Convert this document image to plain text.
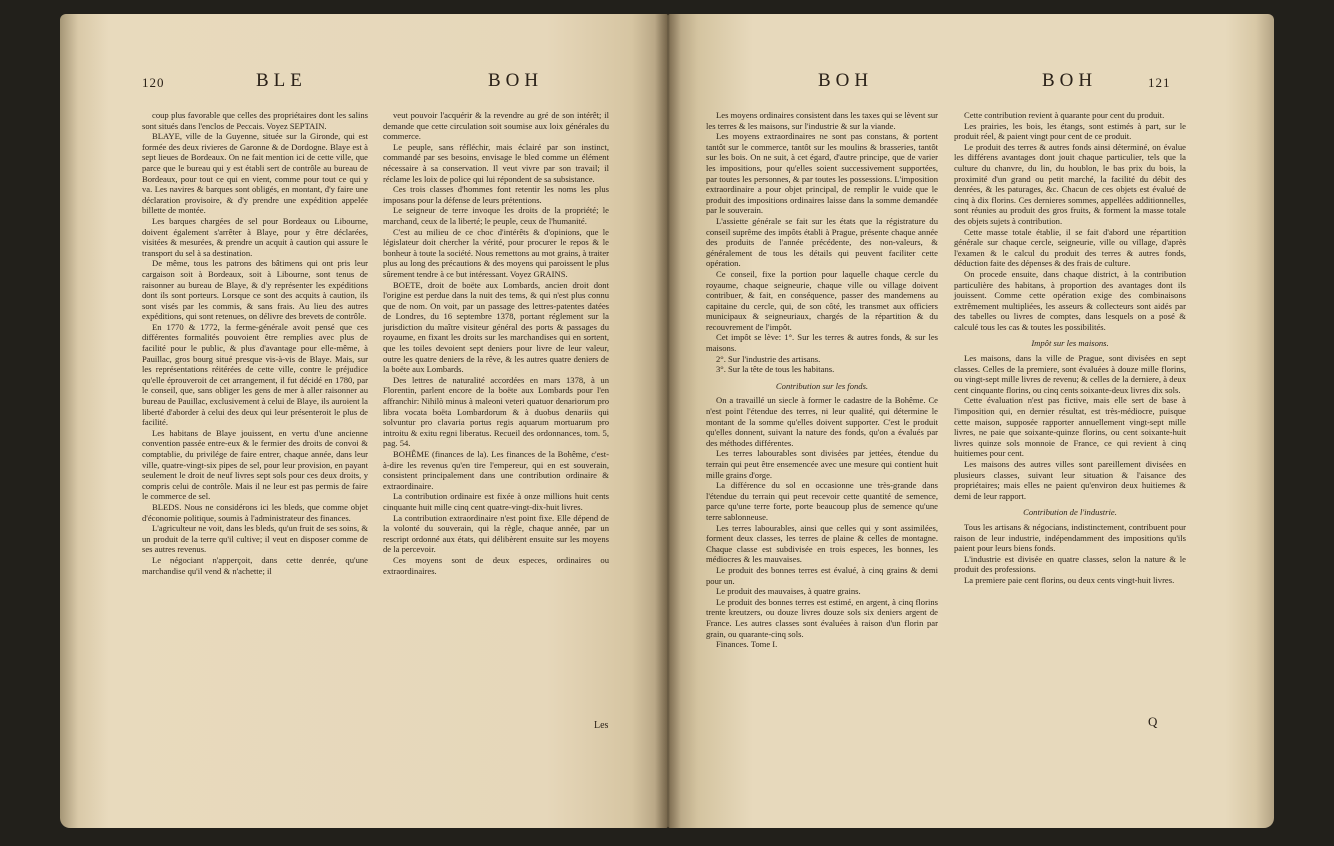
120	BLE	BOH

coup plus favorable que celles des propriétaires dont les salins sont situés dans l'enclos de Peccais. Voyez SEPTAIN.

BLAYE, ville de la Guyenne, située sur la Gironde, qui est formée des deux rivieres de Garonne & de Dordogne. Blaye est à sept lieues de Bordeaux. On ne fait mention ici de cette ville, que parce que le bureau qui y est établi sert de contrôle au bureau de Bordeaux, pour tout ce qui en vient, comme pour tout ce qui y va. Les navires & barques sont obligés, en montant, d'y faire une déclaration provisoire, & d'y prendre une expédition appelée billette de montée.

Les barques chargées de sel pour Bordeaux ou Libourne, doivent également s'arrêter à Blaye, pour y être déclarées, visitées & mesurées, & prendre un acquit à caution qui assure le transport du sel à sa destination.

De même, tous les patrons des bâtimens qui ont pris leur cargaison soit à Bordeaux, soit à Libourne, sont tenus de raisonner au bureau de Blaye, & d'y représenter les expéditions dont ils sont porteurs. Lorsque ce sont des acquits à caution, ils sont visés par les commis, & sans frais. Au lieu des autres expéditions, qui sont retenues, on délivre des brevets de contrôle.

En 1770 & 1772, la ferme-générale avoit pensé que ces différentes formalités pouvoient être remplies avec plus de facilité pour le public, & plus d'avantage pour elle-même, à Pauillac, gros bourg situé presque vis-à-vis de Blaye. Mais, sur les représentations réitérées de cette ville, contre le préjudice qu'elle éprouveroit de cet arrangement, il fut décidé en 1780, par le conseil, que, sans obliger les gens de mer à aller raisonner au bureau de Pauillac, exclusivement à celui de Blaye, ils auroient la liberté d'aborder à celui des deux qui leur présenteroit le plus de facilité.

Les habitans de Blaye jouissent, en vertu d'une ancienne convention passée entre-eux & le fermier des droits de convoi & comptablie, du privilége de faire entrer, chaque année, dans leur ville, quatre-vingt-six pipes de sel, pour leur provision, en payant seulement le droit de neuf livres sept sols pour ces deux droits, y compris celui de contrôle. Mais il ne leur est pas permis de faire le commerce de sel.

BLEDS. Nous ne considérons ici les bleds, que comme objet d'économie politique, soumis à l'administrateur des finances.

L'agriculteur ne voit, dans les bleds, qu'un fruit de ses soins, & un produit de la terre qu'il cultive; il veut en disposer comme de ses autres revenus.

Le négociant n'apperçoit, dans cette denrée, qu'une marchandise qu'il vend & n'achette; il

veut pouvoir l'acquérir & la revendre au gré de son intérêt; il demande que cette circulation soit soumise aux loix générales du commerce.

Le peuple, sans réfléchir, mais éclairé par son instinct, commandé par ses besoins, envisage le bled comme un élément nécessaire à sa conservation. Il veut vivre par son travail; il réclame les loix de police qui lui répondent de sa subsistance.

Ces trois classes d'hommes font retentir les noms les plus imposans pour la défense de leurs prétentions.

Le seigneur de terre invoque les droits de la propriété; le marchand, ceux de la liberté; le peuple, ceux de l'humanité.

C'est au milieu de ce choc d'intérêts & d'opinions, que le législateur doit chercher la vérité, pour procurer le repos & le bonheur à toute la société. Nous remettons au mot grains, à traiter plus au long des précautions & des moyens qui paroissent le plus sûrement tendre à ce but intéressant. Voyez GRAINS.

BOETE, droit de boëte aux Lombards, ancien droit dont l'origine est perdue dans la nuit des tems, & qui n'est plus connu que de nom. On voit, par un passage des lettres-patentes datées de Londres, du 16 septembre 1378, portant réglement sur la jurisdiction du maître visiteur général des ports & passages du royaume, en fixant les droits sur les marchandises qui en sortent, que les toiles devoient sept deniers pour livre de leur valeur, outre les quatre deniers de la rêve, & les autres quatre deniers de la boëte aux Lombards.

Des lettres de naturalité accordées en mars 1378, à un Florentin, parlent encore de la boëte aux Lombards pour l'en affranchir: Nihilò minus à maleoni veteri quatuor denariorum pro libra vocata boëta Lombardorum & à duobus denariis qui solvuntur pro clavaria portus regis aquarum mortuarum pro introitu & exitu regni liberatus. Recueil des ordonnances, tom. 5, pag. 54.

BOHÊME (finances de la). Les finances de la Bohême, c'est-à-dire les revenus qu'en tire l'empereur, qui en est souverain, consistent principalement dans une contribution ordinaire & extraordinaire.

La contribution ordinaire est fixée à onze millions huit cents cinquante huit mille cinq cent quatre-vingt-dix-huit livres.

La contribution extraordinaire n'est point fixe. Elle dépend de la volonté du souverain, qui la règle, chaque année, par un rescript ordonné aux états, qui délibèrent ensuite sur les moyens de la percevoir.

Ces moyens sont de deux especes, ordinaires ou extraordinaires.

Les
BOH	BOH	121

Les moyens ordinaires consistent dans les taxes qui se lèvent sur les terres & les maisons, sur l'industrie & sur la viande.

Les moyens extraordinaires ne sont pas constans, & portent tantôt sur le commerce, tantôt sur les moulins & brasseries, tantôt sur les bois. On ne suit, à cet égard, d'autre principe, que de varier les impositions, pour qu'elles soient successivement supportées, par toutes les personnes, & par toutes les possessions. L'imposition extraordinaire a pour objet principal, de remplir le vuide que le produit des impositions ordinaires laisse dans la somme demandée par le souverain.

L'assiette générale se fait sur les états que la régistrature du conseil suprême des impôts établi à Prague, présente chaque année des produits de l'année précédente, des non-valeurs, & généralement de tous les détails qui peuvent faciliter cette opération.

Ce conseil, fixe la portion pour laquelle chaque cercle du royaume, chaque seigneurie, chaque ville ou village doivent contribuer, & fait, en conséquence, passer des mandemens au capitaine du cercle, qui, de son côté, les transmet aux officiers municipaux & seigneuriaux, chargés de la répartition & du recouvrement de l'impôt.

Cet impôt se lève: 1°. Sur les terres & autres fonds, & sur les maisons.

2°. Sur l'industrie des artisans.

3°. Sur la tête de tous les habitans.

Contribution sur les fonds.

On a travaillé un siecle à former le cadastre de la Bohême. Ce n'est point l'étendue des terres, ni leur qualité, qui détermine le montant de la somme qu'elles doivent supporter. C'est le produit qu'elles donnent, suivant la nature des fonds, qu'on a évalués par des méthodes différentes.

Les terres labourables sont divisées par jettées, étendue du terrain qui peut être ensemencée avec une mesure qui contient huit mille grains d'orge.

La différence du sol en occasionne une très-grande dans l'étendue du terrain qui peut recevoir cette quantité de semence, parce qu'une terre forte, porte beaucoup plus de semence qu'une terre sablonneuse.

Les terres labourables, ainsi que celles qui y sont assimilées, forment deux classes, les terres de plaine & celles de montagne. Chaque classe est subdivisée en trois especes, les bonnes, les médiocres & les mauvaises.

Le produit des bonnes terres est évalué, à cinq grains & demi pour un.

Le produit des mauvaises, à quatre grains.

Le produit des bonnes terres est estimé, en argent, à cinq florins trente kreutzers, ou douze livres douze sols six deniers argent de France. Les autres classes sont évaluées à raison d'un florin par grain, ou quarante-cinq sols.

Finances. Tome I.

Cette contribution revient à quarante pour cent du produit.

Les prairies, les bois, les étangs, sont estimés à part, sur le produit réel, & paient vingt pour cent de ce produit.

Le produit des terres & autres fonds ainsi déterminé, on évalue les différens avantages dont jouit chaque particulier, tels que la culture du chanvre, du lin, du houblon, le bas prix du bois, la proximité d'un grand ou petit marché, la facilité du débit des denrées, & les paturages, &c. Chacun de ces objets est évalué de cinq à dix florins. Ces dernieres sommes, appellées additionnelles, sont réunies au produit des gros fruits, & forment la masse totale des objets sujets à contribution.

Cette masse totale établie, il se fait d'abord une répartition générale sur chaque cercle, seigneurie, ville ou village, d'après l'examen & le calcul du produit des terres & autres fonds, déduction faite des dépenses & des frais de culture.

On procede ensuite, dans chaque district, à la contribution particulière des habitans, à proportion des avantages dont ils jouissent. Comme cette opération exige des combinaisons extrêmement multipliées, les asseurs & collecteurs sont aidés par des tabelles ou livres de comptes, dans lesquels on a posé & calculé tous les cas & toutes les possibilités.

Impôt sur les maisons.

Les maisons, dans la ville de Prague, sont divisées en sept classes. Celles de la premiere, sont évaluées à douze mille florins, ou vingt-sept mille livres de revenu; & celles de la derniere, à deux cent cinquante florins, ou cinq cents soixante-deux livres dix sols.

Cette évaluation n'est pas fictive, mais elle sert de base à l'imposition qui, en dernier résultat, est très-médiocre, puisque cette maison, supposée rapporter annuellement vingt-sept mille livres, ne paie que soixante-quinze florins, ou cent soixante-huit livres quinze sols monnoie de France, ce qui revient à cinq huitiemes pour cent.

Les maisons des autres villes sont pareillement divisées en plusieurs classes, suivant leur situation & l'aisance des propriétaires; mais elles ne paient qu'environ deux huitiemes & demi de leur rapport.

Contribution de l'industrie.

Tous les artisans & négocians, indistinctement, contribuent pour raison de leur industrie, indépendamment des impositions qu'ils paient pour leurs biens fonds.

L'industrie est divisée en quatre classes, selon la nature & le produit des professions.

La premiere paie cent florins, ou deux cents vingt-huit livres.

Q
